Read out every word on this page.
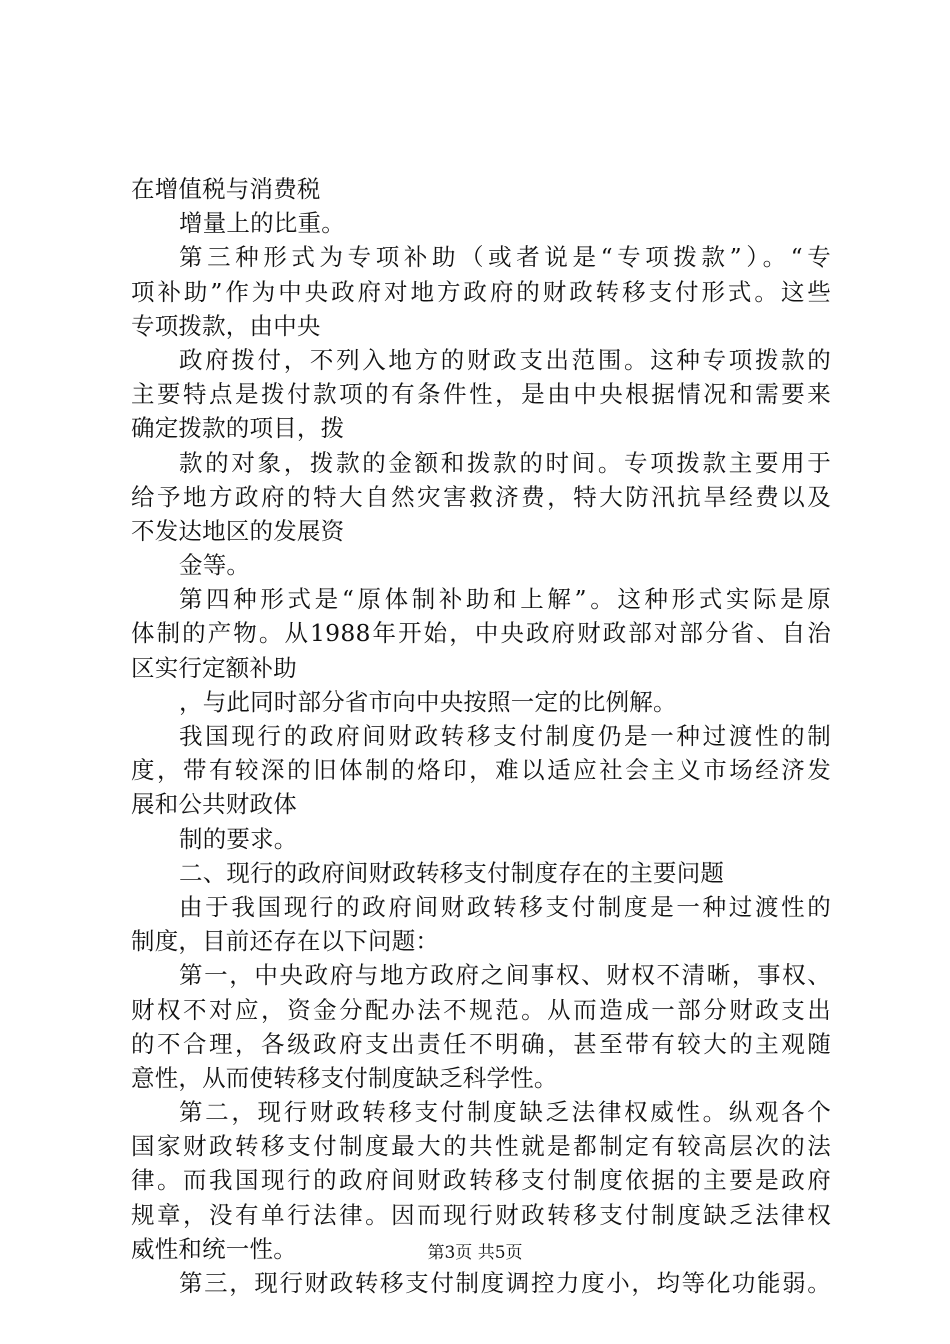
在增值税与消费税
增量上的比重。
第三种形式为专项补助（或者说是“专项拨款”）。“专
项补助”作为中央政府对地方政府的财政转移支付形式。这些
专项拨款，由中央
政府拨付，不列入地方的财政支出范围。这种专项拨款的
主要特点是拨付款项的有条件性，是由中央根据情况和需要来
确定拨款的项目，拨
款的对象，拨款的金额和拨款的时间。专项拨款主要用于
给予地方政府的特大自然灾害救济费，特大防汛抗旱经费以及
不发达地区的发展资
金等。
第四种形式是“原体制补助和上解”。这种形式实际是原
体制的产物。从1988年开始，中央政府财政部对部分省、自治
区实行定额补助
，与此同时部分省市向中央按照一定的比例解。
我国现行的政府间财政转移支付制度仍是一种过渡性的制
度，带有较深的旧体制的烙印，难以适应社会主义市场经济发
展和公共财政体
制的要求。
二、现行的政府间财政转移支付制度存在的主要问题
由于我国现行的政府间财政转移支付制度是一种过渡性的
制度，目前还存在以下问题：
第一，中央政府与地方政府之间事权、财权不清晰，事权、
财权不对应，资金分配办法不规范。从而造成一部分财政支出
的不合理，各级政府支出责任不明确，甚至带有较大的主观随
意性，从而使转移支付制度缺乏科学性。
第二，现行财政转移支付制度缺乏法律权威性。纵观各个
国家财政转移支付制度最大的共性就是都制定有较高层次的法
律。而我国现行的政府间财政转移支付制度依据的主要是政府
规章，没有单行法律。因而现行财政转移支付制度缺乏法律权
威性和统一性。
第三，现行财政转移支付制度调控力度小，均等化功能弱。
第3页 共5页
